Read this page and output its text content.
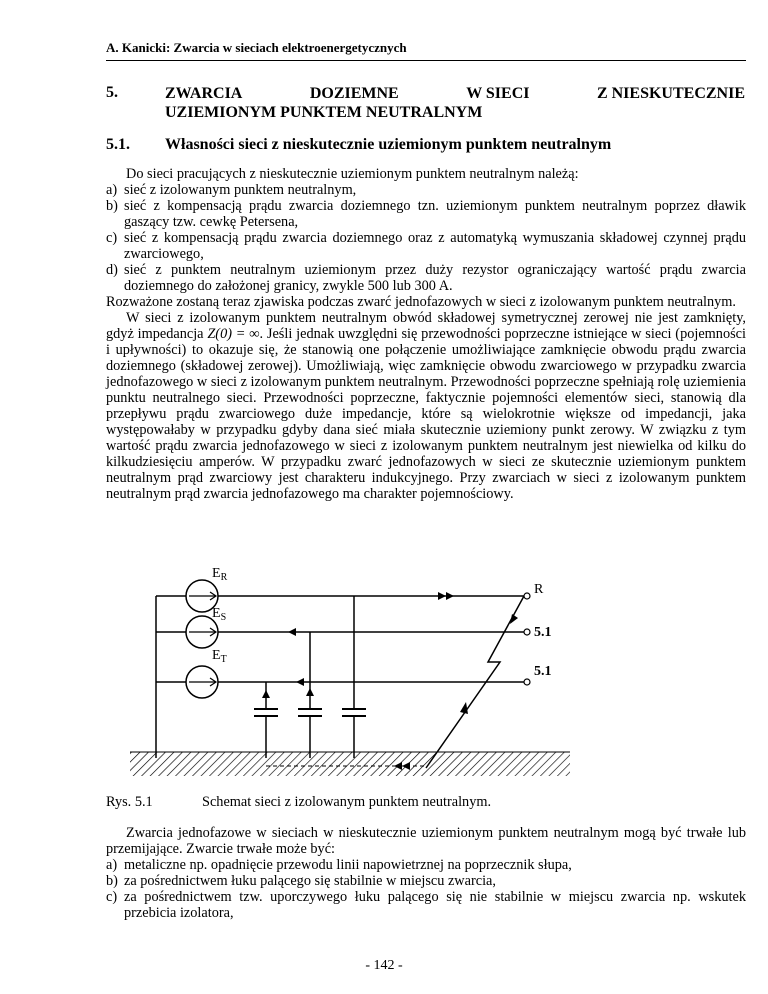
A. Kanicki: Zwarcia w sieciach elektroenergetycznych
5.	ZWARCIA	DOZIEMNE	W SIECI	Z NIESKUTECZNIE
UZIEMIONYM PUNKTEM NEUTRALNYM
5.1. Własności sieci z nieskutecznie uziemionym punktem neutralnym
Do sieci pracujących z nieskutecznie uziemionym punktem neutralnym należą:
a) sieć z izolowanym punktem neutralnym,
b) sieć z kompensacją prądu zwarcia doziemnego tzn. uziemionym punktem neutralnym poprzez dławik gaszący tzw. cewkę Petersena,
c) sieć z kompensacją prądu zwarcia doziemnego oraz z automatyką wymuszania składowej czynnej prądu zwarciowego,
d) sieć z punktem neutralnym uziemionym przez duży rezystor ograniczający wartość prądu zwarcia doziemnego do założonej granicy, zwykle 500 lub 300 A.
Rozważone zostaną teraz zjawiska podczas zwarć jednofazowych w sieci z izolowanym punktem neutralnym.
W sieci z izolowanym punktem neutralnym obwód składowej symetrycznej zerowej nie jest zamknięty, gdyż impedancja Z(0) = ∞. Jeśli jednak uwzględni się przewodności poprzeczne istniejące w sieci (pojemności i upływności) to okazuje się, że stanowią one połączenie umożliwiające zamknięcie obwodu prądu zwarcia doziemnego (składowej zerowej). Umożliwiają, więc zamknięcie obwodu zwarciowego w przypadku zwarcia jednofazowego w sieci z izolowanym punktem neutralnym. Przewodności poprzeczne spełniają rolę uziemienia punktu neutralnego sieci. Przewodności poprzeczne, faktycznie pojemności elementów sieci, stanowią dla przepływu prądu zwarciowego duże impedancje, które są wielokrotnie większe od impedancji, jaka występowałaby w przypadku gdyby dana sieć miała skutecznie uziemiony punkt zerowy. W związku z tym wartość prądu zwarcia jednofazowego w sieci z izolowanym punktem neutralnym jest niewielka od kilku do kilkudziesięciu amperów. W przypadku zwarć jednofazowych w sieci ze skutecznie uziemionym punktem neutralnym prąd zwarciowy jest charakteru indukcyjnego. Przy zwarciach w sieci z izolowanym punktem neutralnym prąd zwarcia jednofazowego ma charakter pojemnościowy.
$E_R$
$E_S$
$E_T$
R
5.1
5.1
Rys. 5.1	Schemat sieci z izolowanym punktem neutralnym.
Zwarcia jednofazowe w sieciach w nieskutecznie uziemionym punktem neutralnym mogą być trwałe lub przemijające. Zwarcie trwałe może być:
a) metaliczne np. opadnięcie przewodu linii napowietrznej na poprzecznik słupa,
b) za pośrednictwem łuku palącego się stabilnie w miejscu zwarcia,
c) za pośrednictwem tzw. uporczywego łuku palącego się nie stabilnie w miejscu zwarcia np. wskutek przebicia izolatora,
- 142 -
